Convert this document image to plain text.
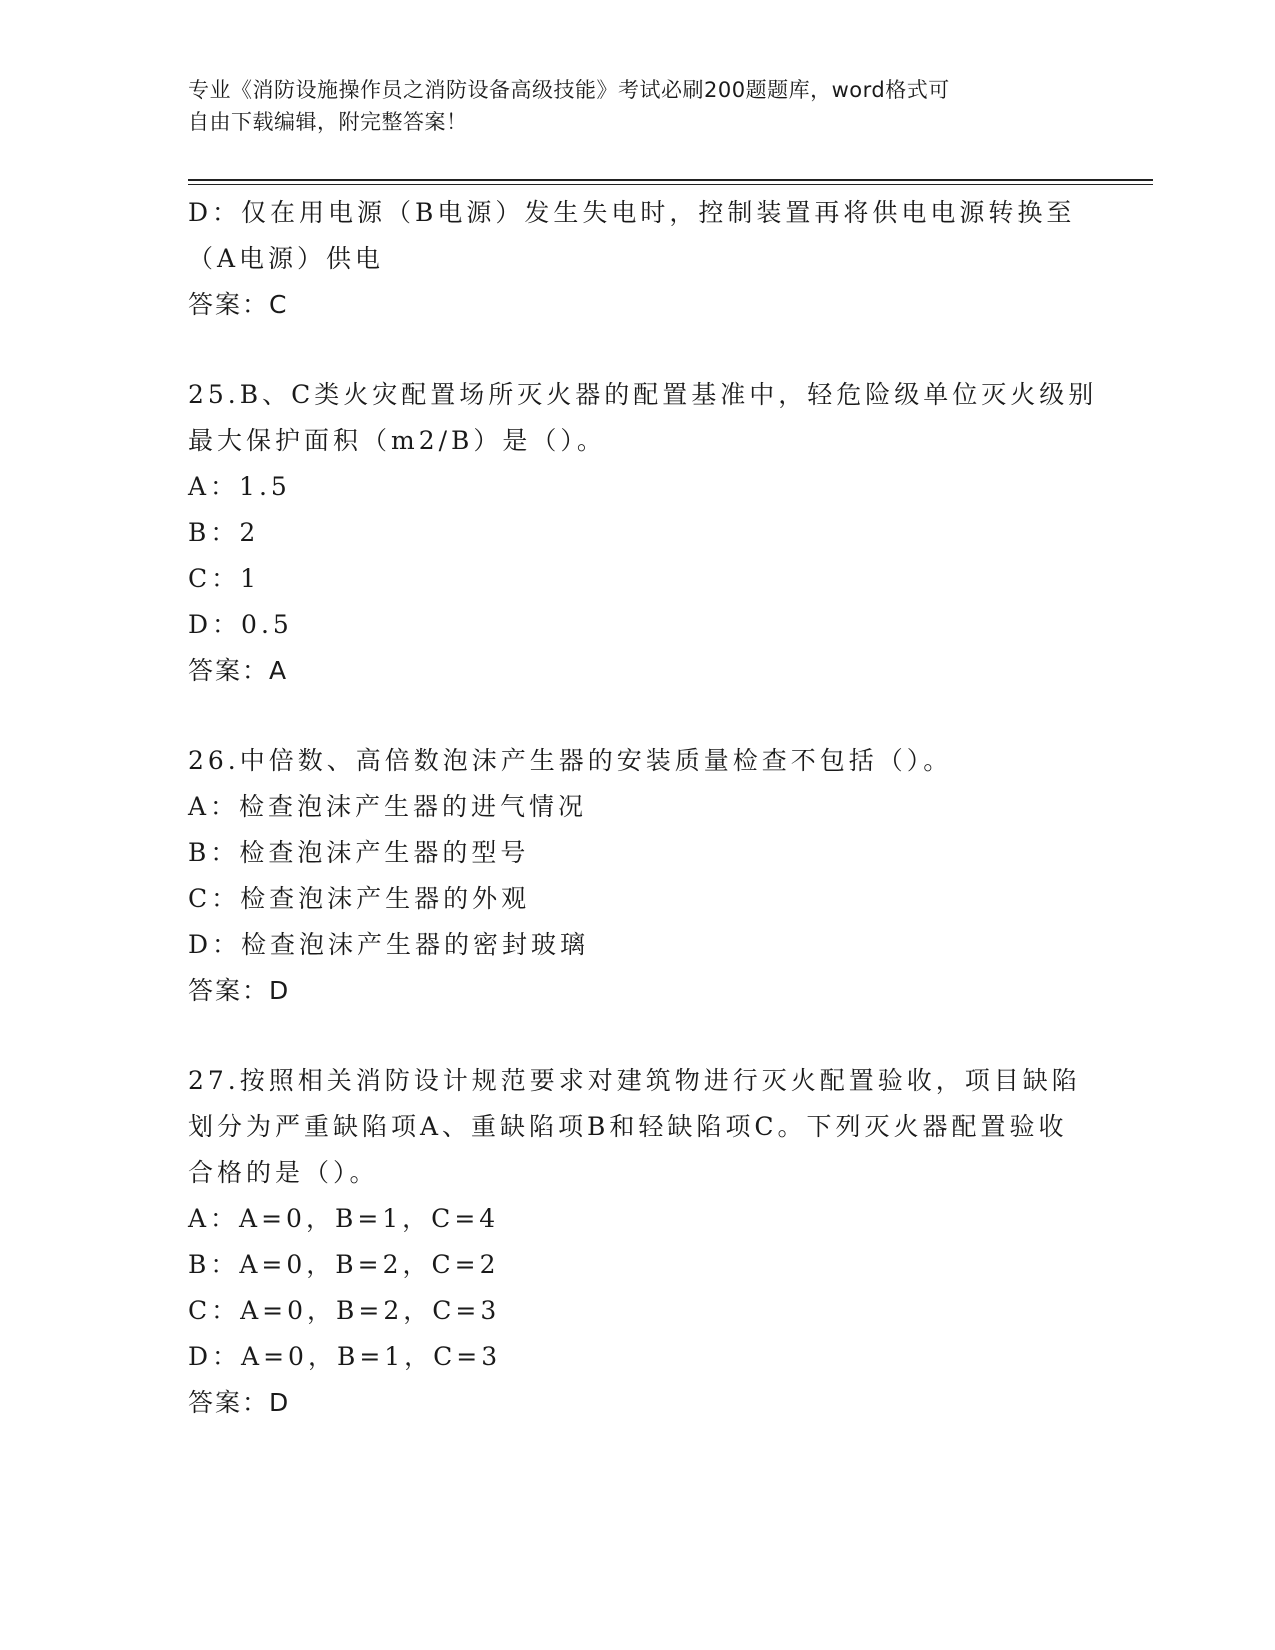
专业《消防设施操作员之消防设备高级技能》考试必刷200题题库，word格式可
自由下载编辑，附完整答案！
D：仅在用电源（B电源）发生失电时，控制装置再将供电电源转换至
（A电源）供电
答案：C
25.B、C类火灾配置场所灭火器的配置基准中，轻危险级单位灭火级别
最大保护面积（m2/B）是（）。
A：1.5
B：2
C：1
D：0.5
答案：A
26.中倍数、高倍数泡沫产生器的安装质量检查不包括（）。
A：检查泡沫产生器的进气情况
B：检查泡沫产生器的型号
C：检查泡沫产生器的外观
D：检查泡沫产生器的密封玻璃
答案：D
27.按照相关消防设计规范要求对建筑物进行灭火配置验收，项目缺陷
划分为严重缺陷项A、重缺陷项B和轻缺陷项C。下列灭火器配置验收
合格的是（）。
A：A=0，B=1，C=4
B：A=0，B=2，C=2
C：A=0，B=2，C=3
D：A=0，B=1，C=3
答案：D
